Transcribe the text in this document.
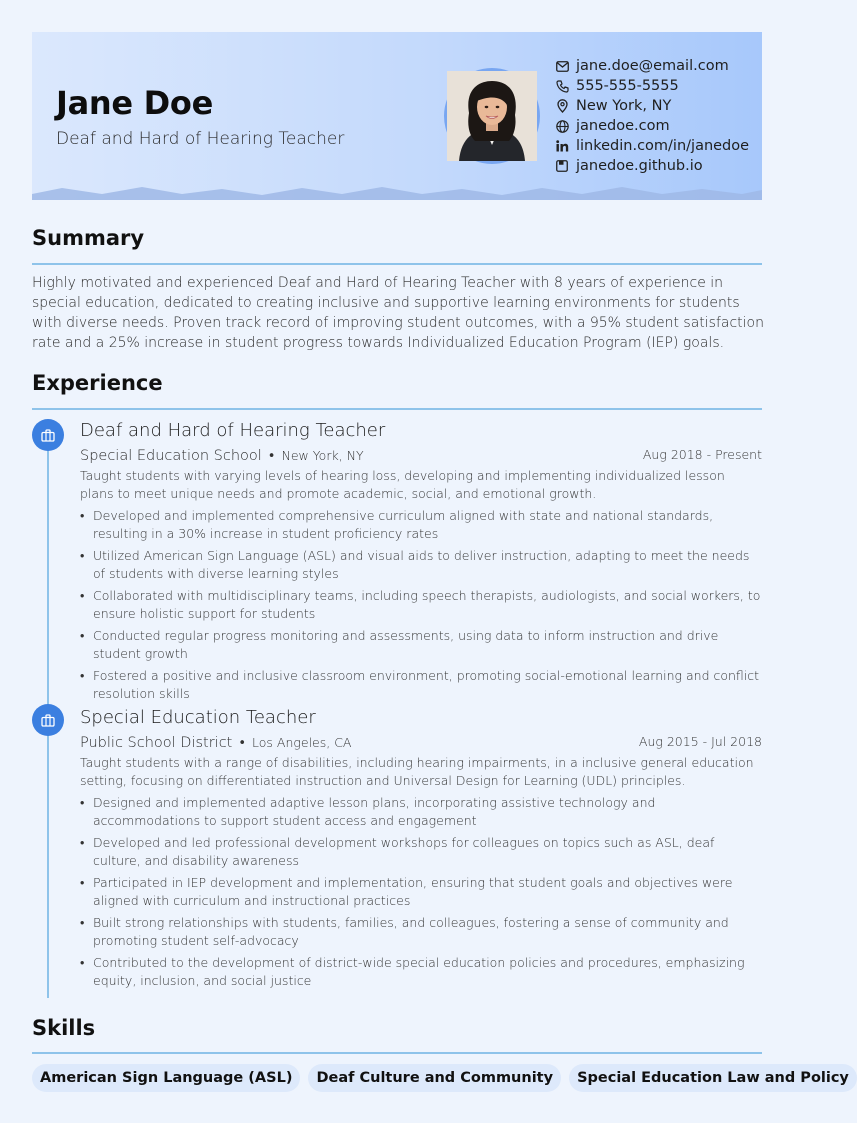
Jane Doe
Deaf and Hard of Hearing Teacher
jane.doe@email.com
555-555-5555
New York, NY
janedoe.com
linkedin.com/in/janedoe
janedoe.github.io
Summary
Highly motivated and experienced Deaf and Hard of Hearing Teacher with 8 years of experience in special education, dedicated to creating inclusive and supportive learning environments for students with diverse needs. Proven track record of improving student outcomes, with a 95% student satisfaction rate and a 25% increase in student progress towards Individualized Education Program (IEP) goals.
Experience
Deaf and Hard of Hearing Teacher
Special Education School • New York, NY	Aug 2018 - Present
Taught students with varying levels of hearing loss, developing and implementing individualized lesson plans to meet unique needs and promote academic, social, and emotional growth.
• Developed and implemented comprehensive curriculum aligned with state and national standards, resulting in a 30% increase in student proficiency rates
• Utilized American Sign Language (ASL) and visual aids to deliver instruction, adapting to meet the needs of students with diverse learning styles
• Collaborated with multidisciplinary teams, including speech therapists, audiologists, and social workers, to ensure holistic support for students
• Conducted regular progress monitoring and assessments, using data to inform instruction and drive student growth
• Fostered a positive and inclusive classroom environment, promoting social-emotional learning and conflict resolution skills
Special Education Teacher
Public School District • Los Angeles, CA	Aug 2015 - Jul 2018
Taught students with a range of disabilities, including hearing impairments, in a inclusive general education setting, focusing on differentiated instruction and Universal Design for Learning (UDL) principles.
• Designed and implemented adaptive lesson plans, incorporating assistive technology and accommodations to support student access and engagement
• Developed and led professional development workshops for colleagues on topics such as ASL, deaf culture, and disability awareness
• Participated in IEP development and implementation, ensuring that student goals and objectives were aligned with curriculum and instructional practices
• Built strong relationships with students, families, and colleagues, fostering a sense of community and promoting student self-advocacy
• Contributed to the development of district-wide special education policies and procedures, emphasizing equity, inclusion, and social justice
Skills
American Sign Language (ASL)	Deaf Culture and Community	Special Education Law and Policy
